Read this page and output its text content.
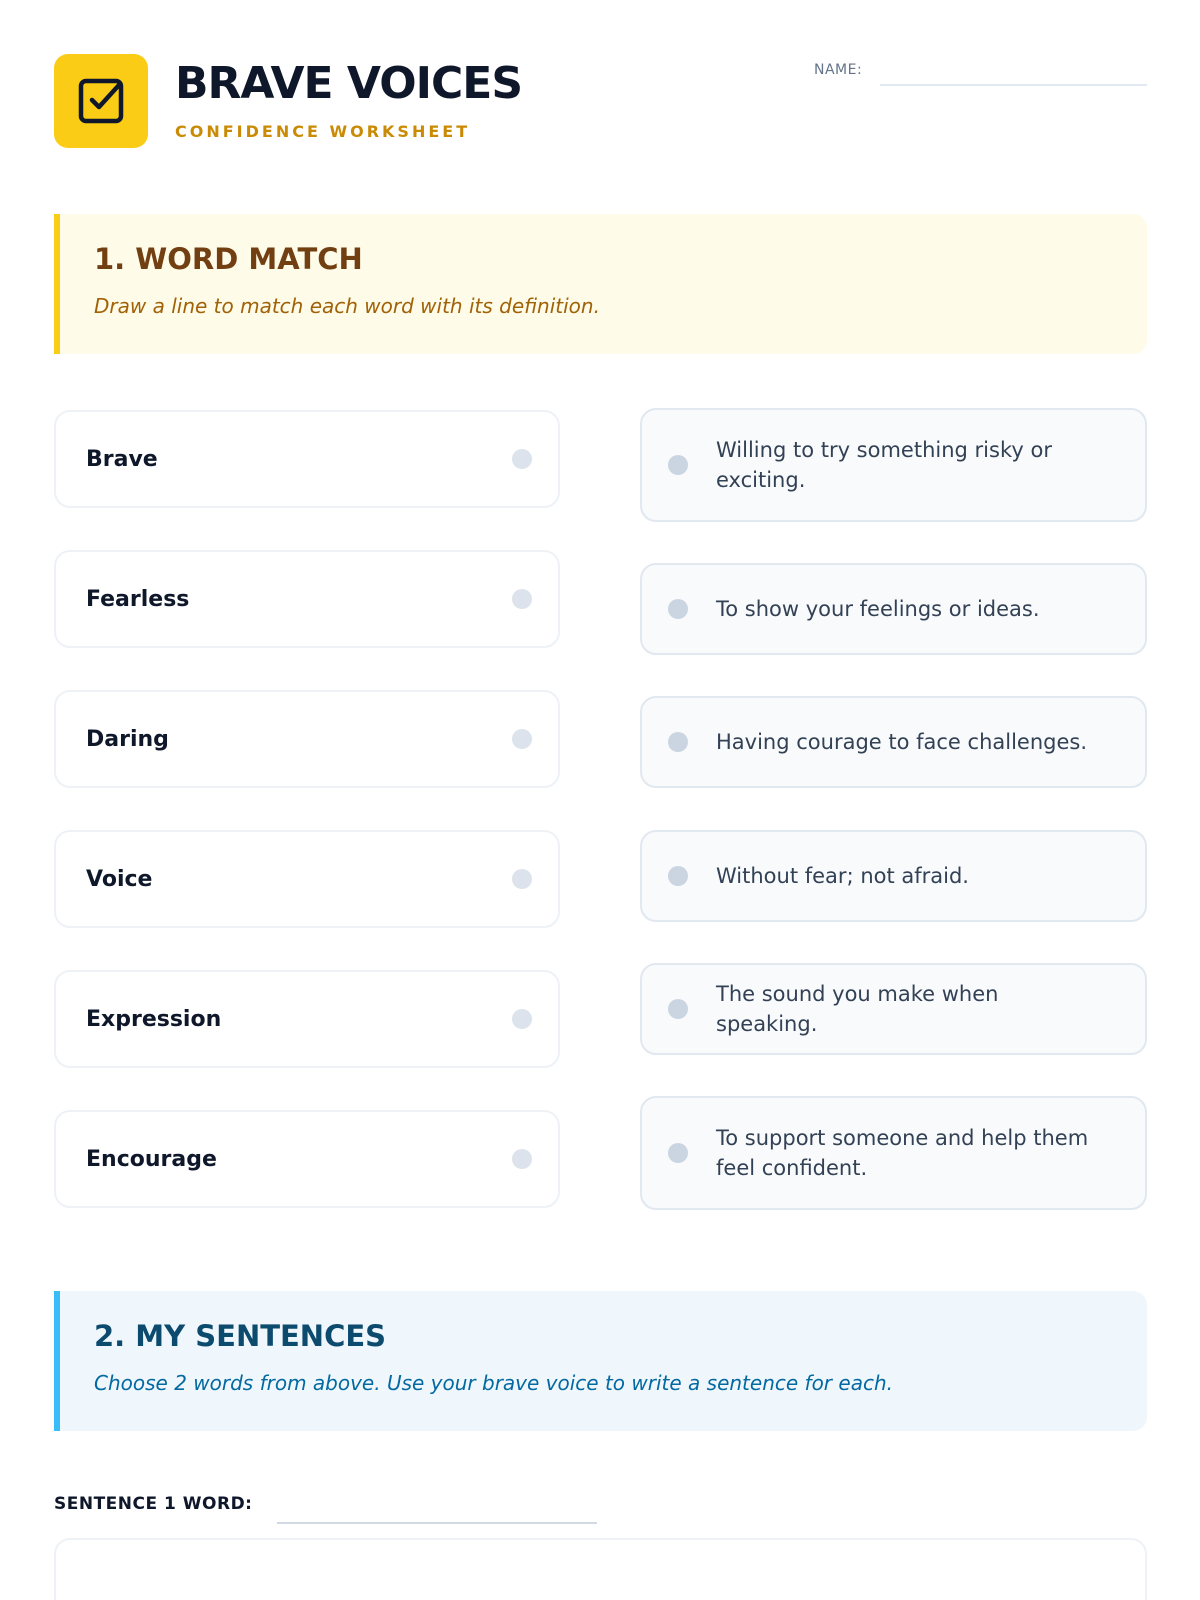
BRAVE VOICES
CONFIDENCE WORKSHEET
NAME:
1. WORD MATCH
Draw a line to match each word with its definition.
Brave
Fearless
Daring
Voice
Expression
Encourage
Willing to try something risky or exciting.
To show your feelings or ideas.
Having courage to face challenges.
Without fear; not afraid.
The sound you make when speaking.
To support someone and help them feel confident.
2. MY SENTENCES
Choose 2 words from above. Use your brave voice to write a sentence for each.
SENTENCE 1 WORD:
